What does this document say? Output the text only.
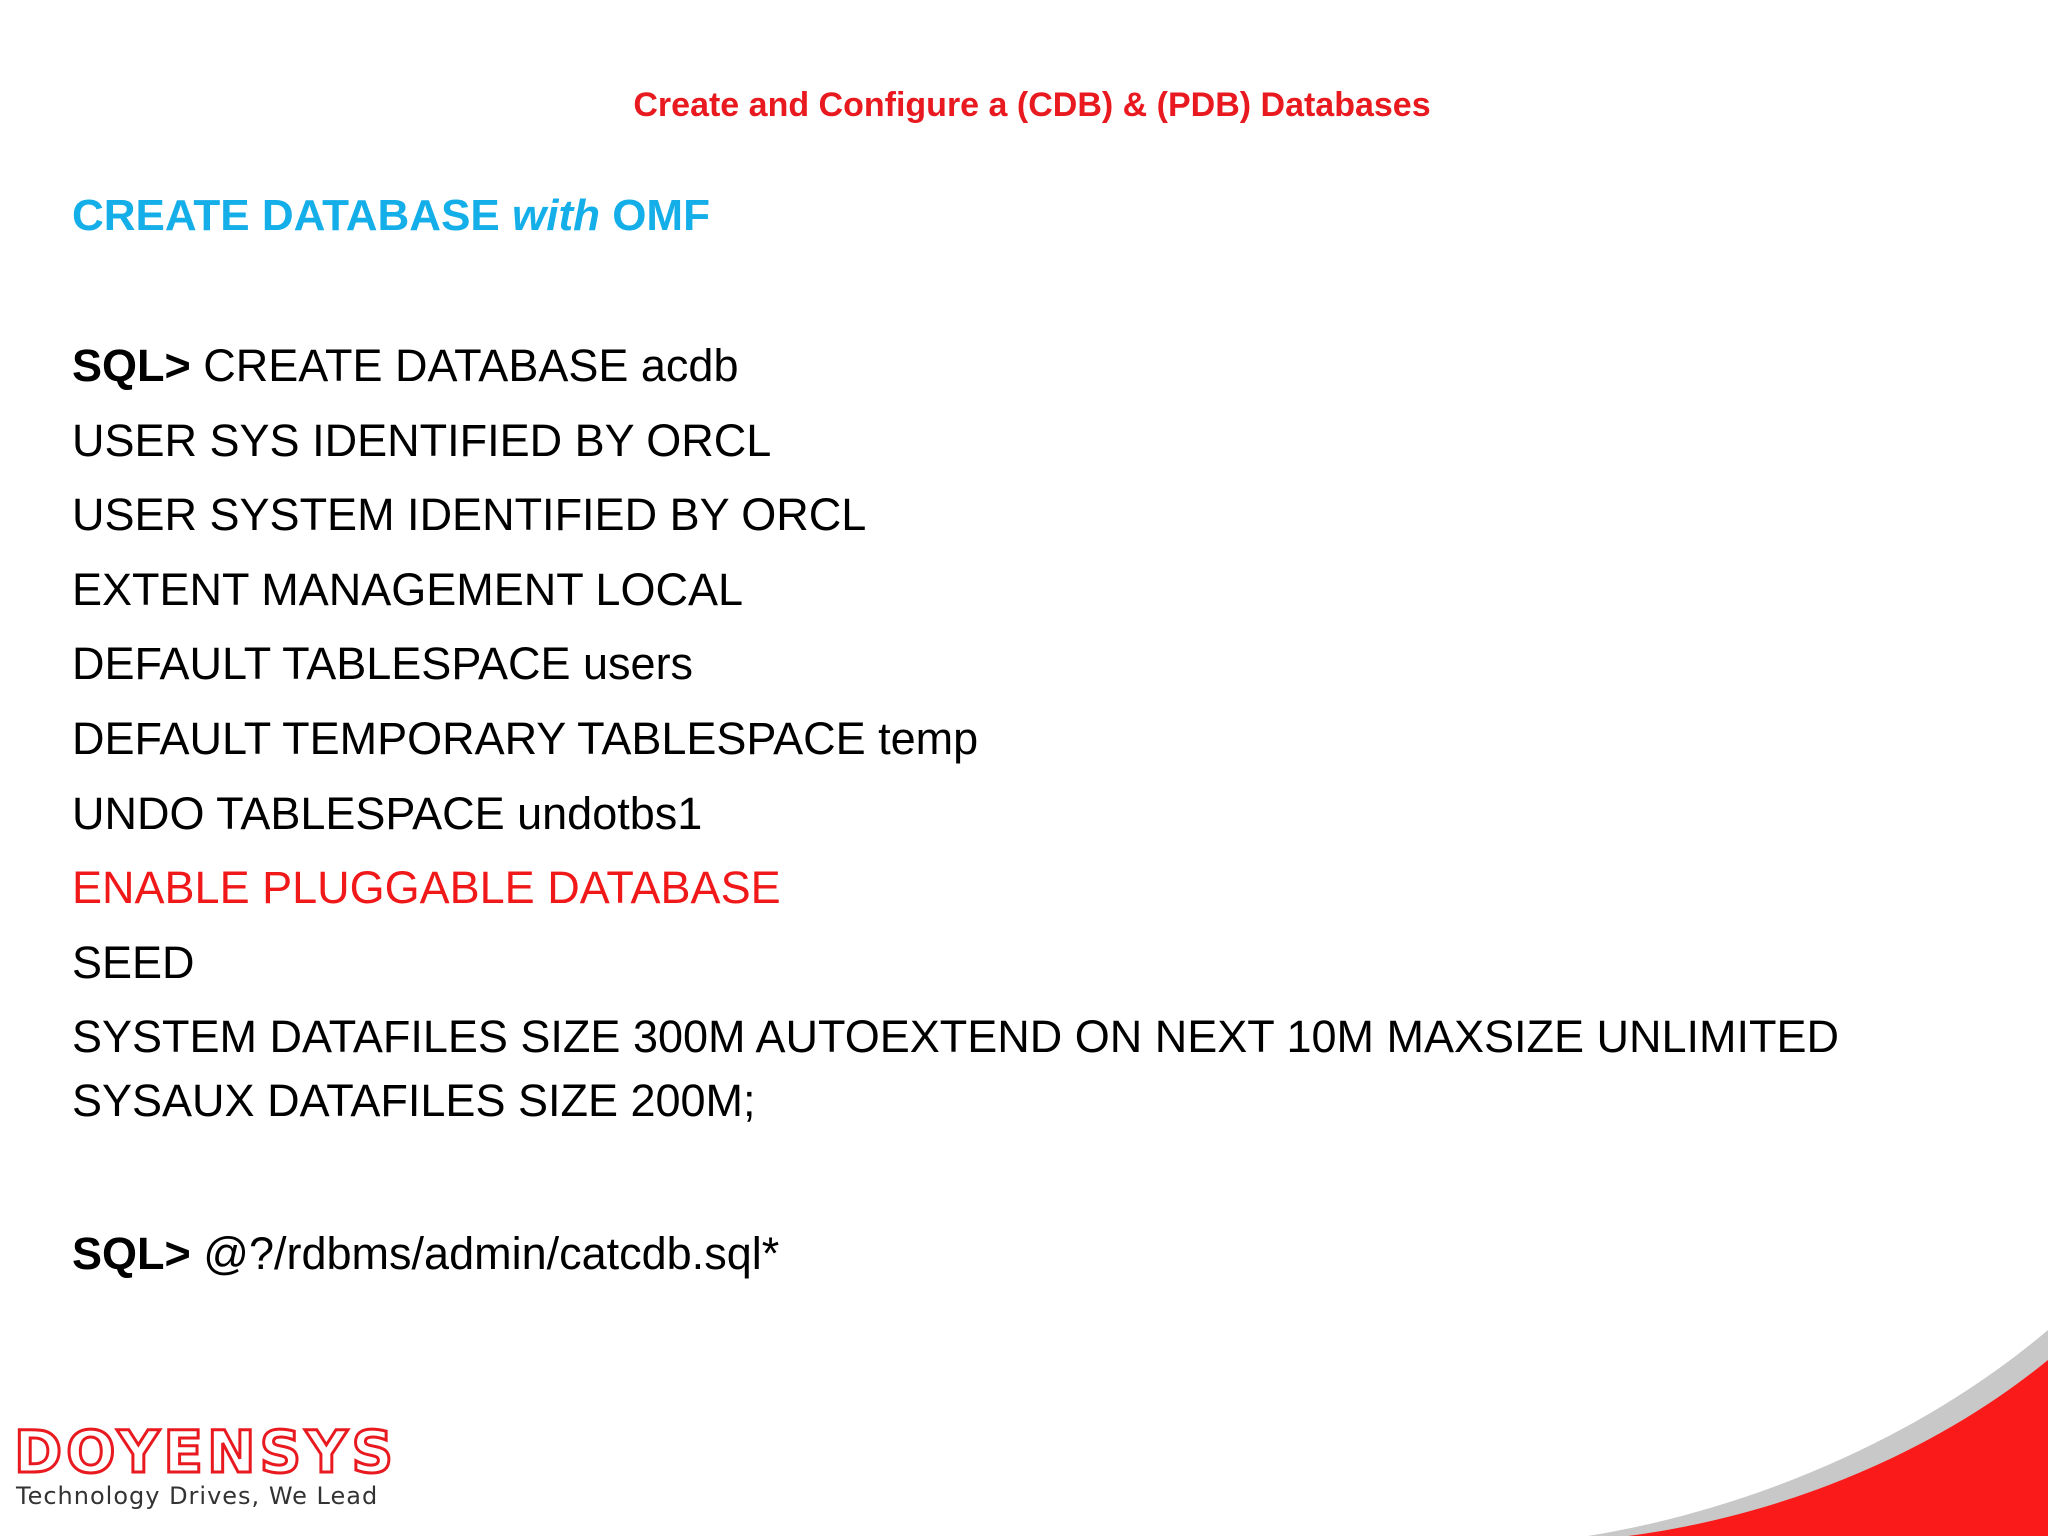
Create and Configure a (CDB) & (PDB) Databases
CREATE DATABASE with OMF
SQL> CREATE DATABASE acdb
USER SYS IDENTIFIED BY ORCL
USER SYSTEM IDENTIFIED BY ORCL
EXTENT MANAGEMENT LOCAL
DEFAULT TABLESPACE users
DEFAULT TEMPORARY TABLESPACE temp
UNDO TABLESPACE undotbs1
ENABLE PLUGGABLE DATABASE
SEED
SYSTEM DATAFILES SIZE 300M AUTOEXTEND ON NEXT 10M MAXSIZE UNLIMITED
SYSAUX DATAFILES SIZE 200M;
SQL> @?/rdbms/admin/catcdb.sql*
DOYENSYS
Technology Drives, We Lead
